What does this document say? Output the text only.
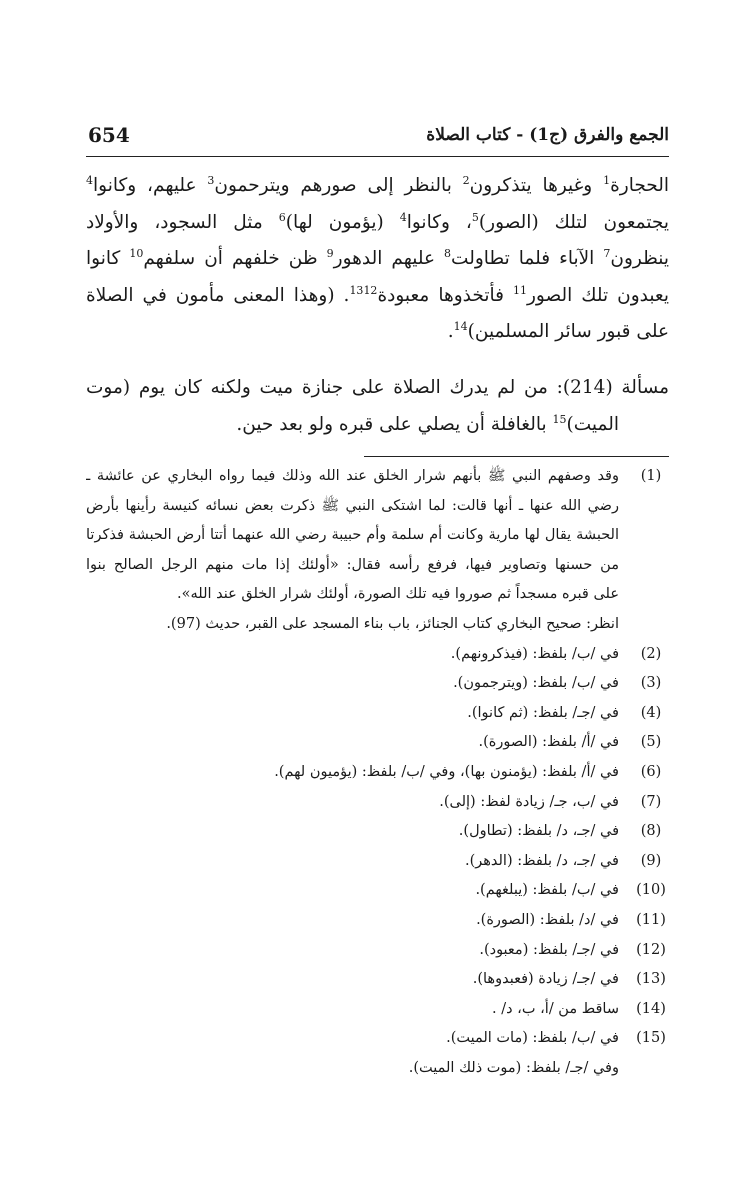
654	الجمع والفرق (ج1) - كتاب الصلاة
الحجارة$^1$ وغيرها يتذكرون$^2$ بالنظر إلى صورهم ويترحمون$^3$ عليهم، وكانوا$^4$
يجتمعون لتلك (الصور)$^5$، وكانوا$^4$ (يؤمون لها)$^6$ مثل السجود، والأولاد
ينظرون$^7$ الآباء فلما تطاولت$^8$ عليهم الدهور$^9$ ظن خلفهم أن سلفهم$^{10}$ كانوا
يعبدون تلك الصور$^{11}$ فأتخذوها معبودة$^{1213}$. (وهذا المعنى مأمون في الصلاة
على قبور سائر المسلمين)$^{14}$.
مسألة (214): من لم يدرك الصلاة على جنازة ميت ولكنه كان يوم (موت
الميت)$^{15}$ بالغافلة أن يصلي على قبره ولو بعد حين.
(1)
وقد وصفهم النبي ﷺ بأنهم شرار الخلق عند الله وذلك فيما رواه البخاري عن عائشة ـ
رضي الله عنها ـ أنها قالت: لما اشتكى النبي ﷺ ذكرت بعض نسائه كنيسة رأينها بأرض
الحبشة يقال لها مارية وكانت أم سلمة وأم حبيبة رضي الله عنهما أتتا أرض الحبشة فذكرتا
من حسنها وتصاوير فيها، فرفع رأسه فقال: «أولئك إذا مات منهم الرجل الصالح بنوا
على قبره مسجداً ثم صوروا فيه تلك الصورة، أولئك شرار الخلق عند الله».
انظر: صحيح البخاري كتاب الجنائز، باب بناء المسجد على القبر، حديث (97).
(2)
في /ب/ بلفظ: (فيذكرونهم).
(3)
في /ب/ بلفظ: (ويترجمون).
(4)
في /جـ/ بلفظ: (ثم كانوا).
(5)
في /أ/ بلفظ: (الصورة).
(6)
في /أ/ بلفظ: (يؤمنون بها)، وفي /ب/ بلفظ: (يؤميون لهم).
(7)
في /ب، جـ/ زيادة لفظ: (إلى).
(8)
في /جـ، د/ بلفظ: (تطاول).
(9)
في /جـ، د/ بلفظ: (الدهر).
(10)
في /ب/ بلفظ: (يبلغهم).
(11)
في /د/ بلفظ: (الصورة).
(12)
في /جـ/ بلفظ: (معبود).
(13)
في /جـ/ زيادة (فعبدوها).
(14)
ساقط من /أ، ب، د/ .
(15)
في /ب/ بلفظ: (مات الميت).
وفي /جـ/ بلفظ: (موت ذلك الميت).
